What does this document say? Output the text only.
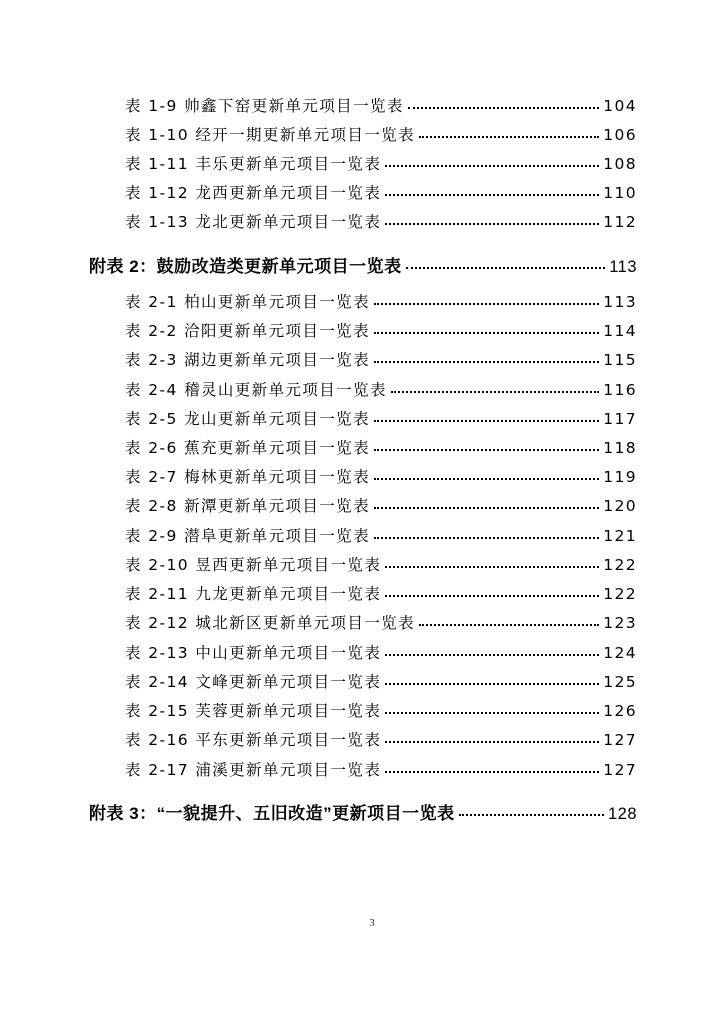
表 1-9 帅鑫下窑更新单元项目一览表	104
表 1-10 经开一期更新单元项目一览表	106
表 1-11 丰乐更新单元项目一览表	108
表 1-12 龙西更新单元项目一览表	110
表 1-13 龙北更新单元项目一览表	112
附表 2：鼓励改造类更新单元项目一览表	113
表 2-1 柏山更新单元项目一览表	113
表 2-2 洽阳更新单元项目一览表	114
表 2-3 湖边更新单元项目一览表	115
表 2-4 稽灵山更新单元项目一览表	116
表 2-5 龙山更新单元项目一览表	117
表 2-6 蕉充更新单元项目一览表	118
表 2-7 梅林更新单元项目一览表	119
表 2-8 新潭更新单元项目一览表	120
表 2-9 潜阜更新单元项目一览表	121
表 2-10 昱西更新单元项目一览表	122
表 2-11 九龙更新单元项目一览表	122
表 2-12 城北新区更新单元项目一览表	123
表 2-13 中山更新单元项目一览表	124
表 2-14 文峰更新单元项目一览表	125
表 2-15 芙蓉更新单元项目一览表	126
表 2-16 平东更新单元项目一览表	127
表 2-17 浦溪更新单元项目一览表	127
附表 3：“一貌提升、五旧改造”更新项目一览表	128
3
